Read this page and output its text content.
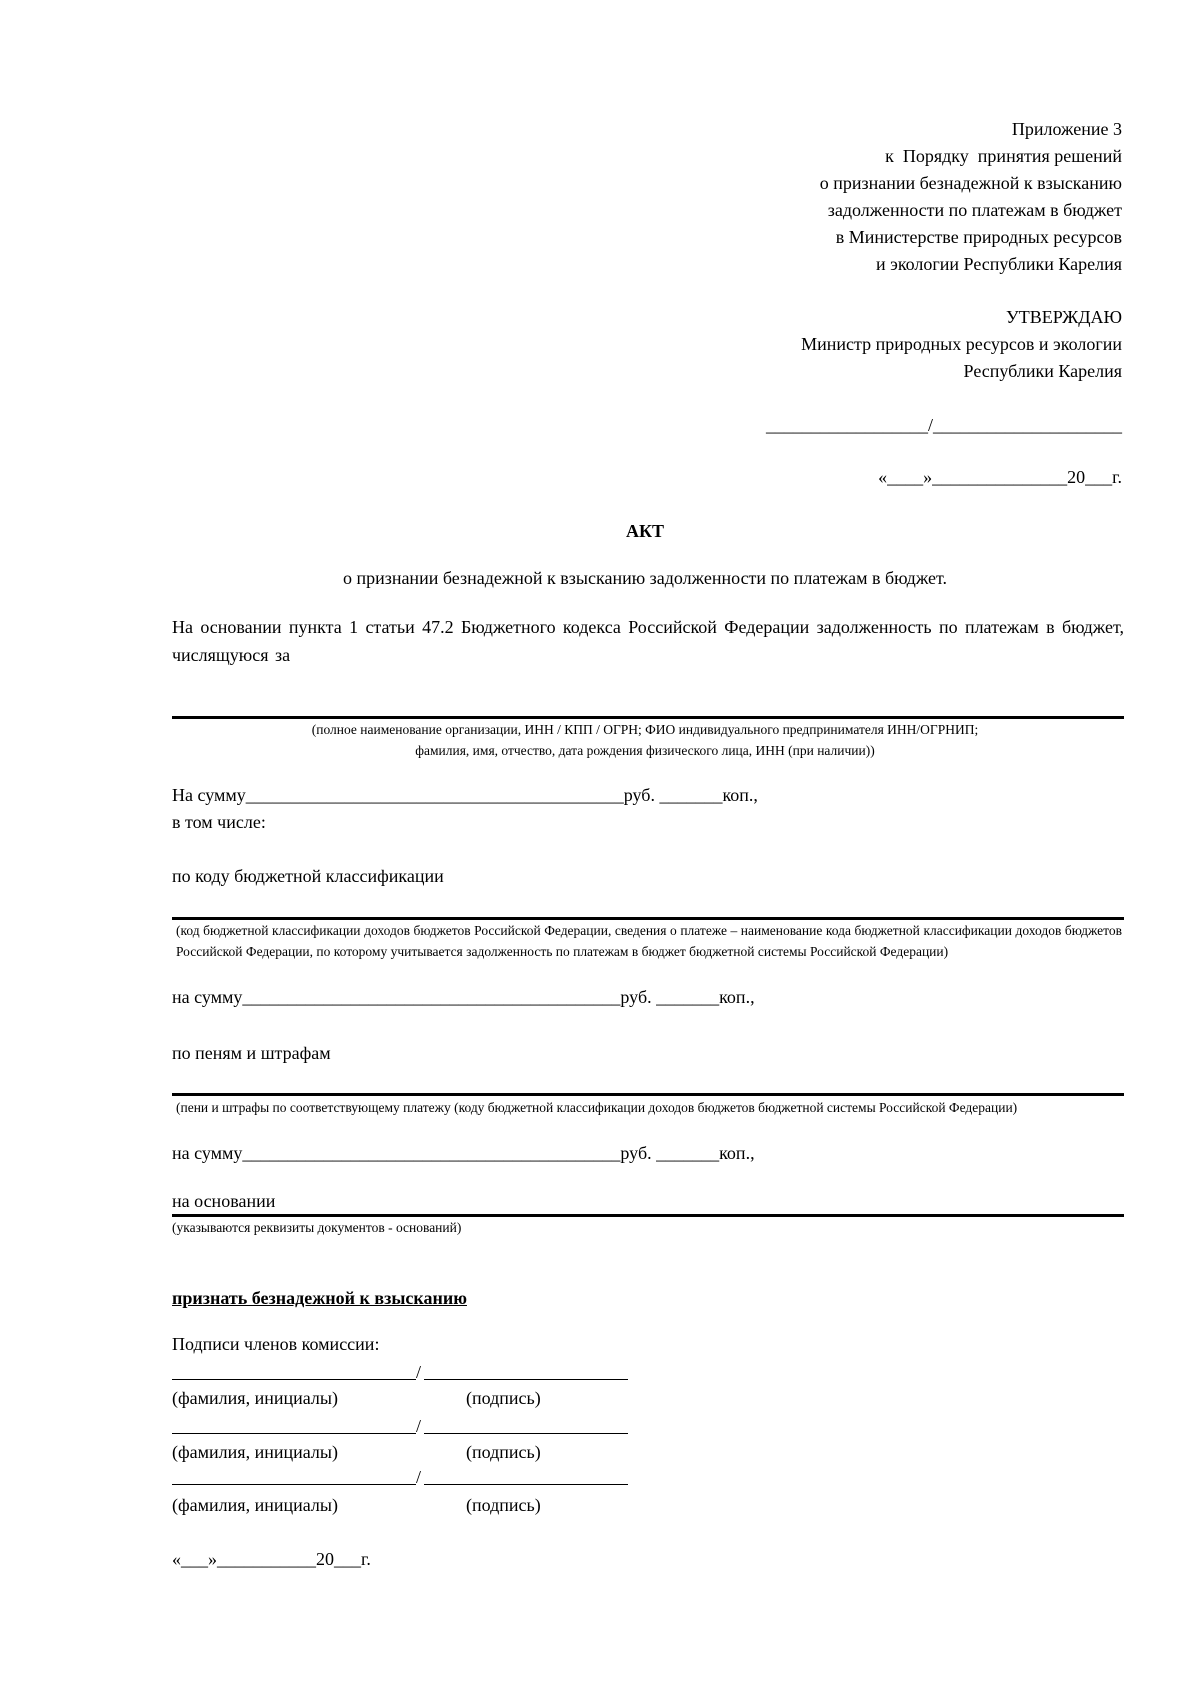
Приложение 3
к  Порядку  принятия решений
о признании безнадежной к взысканию
задолженности по платежам в бюджет
в Министерстве природных ресурсов
и экологии Республики Карелия
УТВЕРЖДАЮ
Министр природных ресурсов и экологии
Республики Карелия
__________________/_____________________
«____»_______________20___г.
АКТ
о признании безнадежной к взысканию задолженности по платежам в бюджет.
На основании пункта 1 статьи 47.2 Бюджетного кодекса Российской Федерации задолженность по платежам в бюджет, числящуюся за
(полное наименование организации, ИНН / КПП / ОГРН; ФИО индивидуального предпринимателя ИНН/ОГРНИП;
фамилия, имя, отчество, дата рождения физического лица, ИНН (при наличии))
На сумму__________________________________________руб. _______коп.,
в том числе:
по коду бюджетной классификации
(код бюджетной классификации доходов бюджетов Российской Федерации, сведения о платеже – наименование кода бюджетной классификации доходов бюджетов Российской Федерации, по которому учитывается задолженность по платежам в бюджет бюджетной системы Российской Федерации)
на сумму__________________________________________руб. _______коп.,
по пеням и штрафам
(пени и штрафы по соответствующему платежу (коду бюджетной классификации доходов бюджетов бюджетной системы Российской Федерации)
на сумму__________________________________________руб. _______коп.,
на основании
(указываются реквизиты документов - оснований)
признать безнадежной к взысканию
Подписи членов комиссии:
/
(фамилия, инициалы)	(подпись)
/
(фамилия, инициалы)	(подпись)
/
(фамилия, инициалы)	(подпись)
«___»___________20___г.
